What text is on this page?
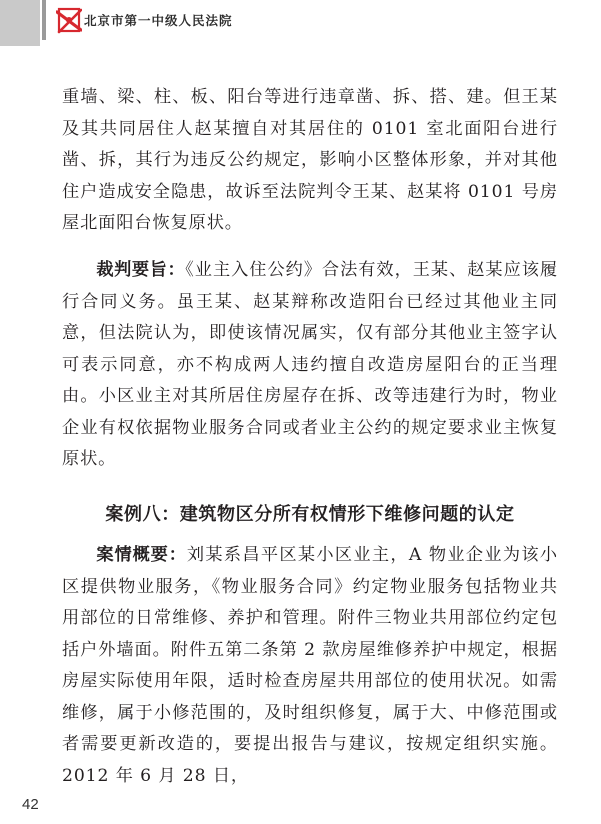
北京市第一中级人民法院
重墙、梁、柱、板、阳台等进行违章凿、拆、搭、建。但王某及其共同居住人赵某擅自对其居住的 0101 室北面阳台进行凿、拆，其行为违反公约规定，影响小区整体形象，并对其他住户造成安全隐患，故诉至法院判令王某、赵某将 0101 号房屋北面阳台恢复原状。
裁判要旨：《业主入住公约》合法有效，王某、赵某应该履行合同义务。虽王某、赵某辩称改造阳台已经过其他业主同意，但法院认为，即使该情况属实，仅有部分其他业主签字认可表示同意，亦不构成两人违约擅自改造房屋阳台的正当理由。小区业主对其所居住房屋存在拆、改等违建行为时，物业企业有权依据物业服务合同或者业主公约的规定要求业主恢复原状。
案例八：建筑物区分所有权情形下维修问题的认定
案情概要：刘某系昌平区某小区业主，A 物业企业为该小区提供物业服务，《物业服务合同》约定物业服务包括物业共用部位的日常维修、养护和管理。附件三物业共用部位约定包括户外墙面。附件五第二条第 2 款房屋维修养护中规定，根据房屋实际使用年限，适时检查房屋共用部位的使用状况。如需维修，属于小修范围的，及时组织修复，属于大、中修范围或者需要更新改造的，要提出报告与建议，按规定组织实施。2012 年 6 月 28 日，
42
